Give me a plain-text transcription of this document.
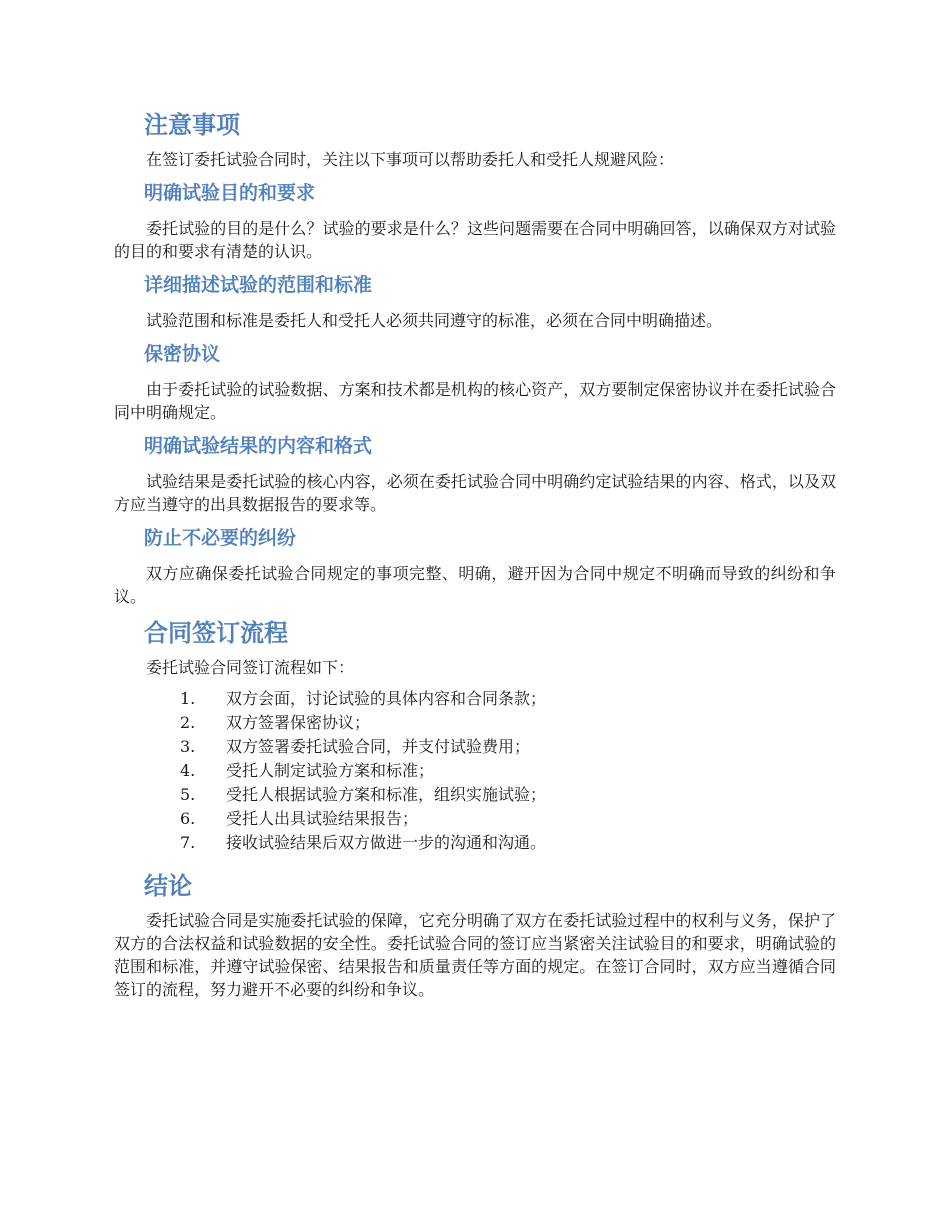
注意事项

在签订委托试验合同时，关注以下事项可以帮助委托人和受托人规避风险：

明确试验目的和要求

委托试验的目的是什么？试验的要求是什么？这些问题需要在合同中明确回答，以确保双方对试验的目的和要求有清楚的认识。

详细描述试验的范围和标准

试验范围和标准是委托人和受托人必须共同遵守的标准，必须在合同中明确描述。

保密协议

由于委托试验的试验数据、方案和技术都是机构的核心资产，双方要制定保密协议并在委托试验合同中明确规定。

明确试验结果的内容和格式

试验结果是委托试验的核心内容，必须在委托试验合同中明确约定试验结果的内容、格式，以及双方应当遵守的出具数据报告的要求等。

防止不必要的纠纷

双方应确保委托试验合同规定的事项完整、明确，避开因为合同中规定不明确而导致的纠纷和争议。

合同签订流程

委托试验合同签订流程如下：

1.	双方会面，讨论试验的具体内容和合同条款；
2.	双方签署保密协议；
3.	双方签署委托试验合同，并支付试验费用；
4.	受托人制定试验方案和标准；
5.	受托人根据试验方案和标准，组织实施试验；
6.	受托人出具试验结果报告；
7.	接收试验结果后双方做进一步的沟通和沟通。
结论

委托试验合同是实施委托试验的保障，它充分明确了双方在委托试验过程中的权利与义务，保护了双方的合法权益和试验数据的安全性。委托试验合同的签订应当紧密关注试验目的和要求，明确试验的范围和标准，并遵守试验保密、结果报告和质量责任等方面的规定。在签订合同时，双方应当遵循合同签订的流程，努力避开不必要的纠纷和争议。
